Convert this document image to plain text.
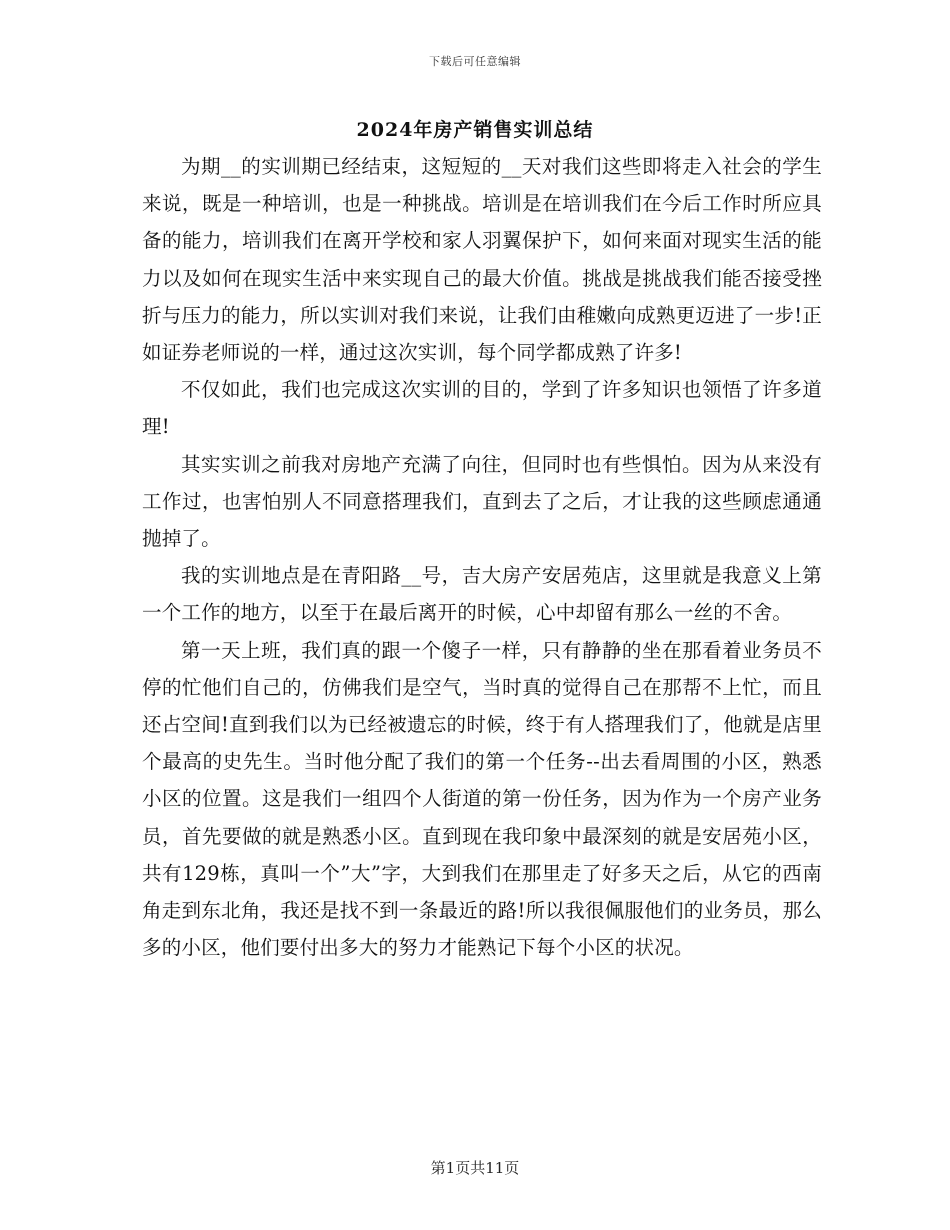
下载后可任意编辑
2024年房产销售实训总结

为期__的实训期已经结束，这短短的__天对我们这些即将走入社会的学生来说，既是一种培训，也是一种挑战。培训是在培训我们在今后工作时所应具备的能力，培训我们在离开学校和家人羽翼保护下，如何来面对现实生活的能力以及如何在现实生活中来实现自己的最大价值。挑战是挑战我们能否接受挫折与压力的能力，所以实训对我们来说，让我们由稚嫩向成熟更迈进了一步!正如证券老师说的一样，通过这次实训，每个同学都成熟了许多!

不仅如此，我们也完成这次实训的目的，学到了许多知识也领悟了许多道理!

其实实训之前我对房地产充满了向往，但同时也有些惧怕。因为从来没有工作过，也害怕别人不同意搭理我们，直到去了之后，才让我的这些顾虑通通抛掉了。

我的实训地点是在青阳路__号，吉大房产安居苑店，这里就是我意义上第一个工作的地方，以至于在最后离开的时候，心中却留有那么一丝的不舍。

第一天上班，我们真的跟一个傻子一样，只有静静的坐在那看着业务员不停的忙他们自己的，仿佛我们是空气，当时真的觉得自己在那帮不上忙，而且还占空间!直到我们以为已经被遗忘的时候，终于有人搭理我们了，他就是店里个最高的史先生。当时他分配了我们的第一个任务--出去看周围的小区，熟悉小区的位置。这是我们一组四个人街道的第一份任务，因为作为一个房产业务员，首先要做的就是熟悉小区。直到现在我印象中最深刻的就是安居苑小区，共有129栋，真叫一个”大”字，大到我们在那里走了好多天之后，从它的西南角走到东北角，我还是找不到一条最近的路!所以我很佩服他们的业务员，那么多的小区，他们要付出多大的努力才能熟记下每个小区的状况。

第1页共11页
